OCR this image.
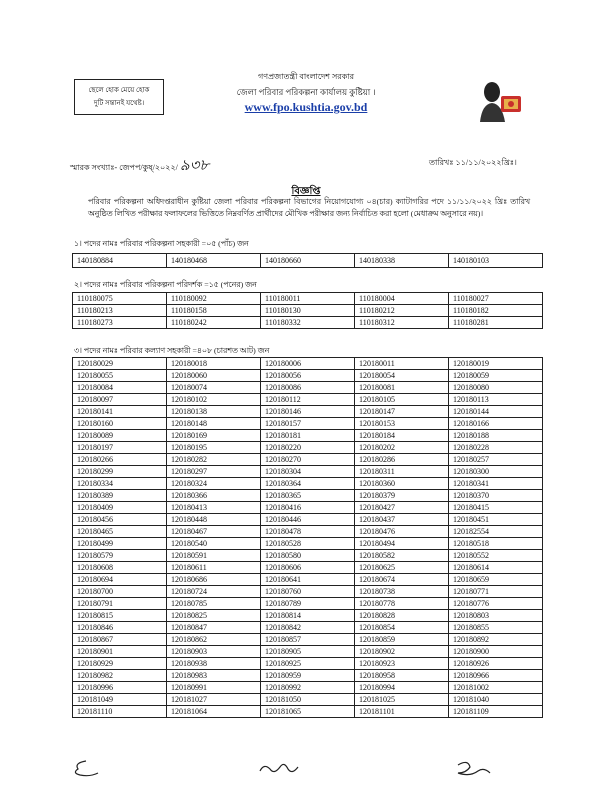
ছেলে হোক মেয়ে হোক
দুটি সন্তানই যথেষ্ট।
গণপ্রজাতন্ত্রী বাংলাদেশ সরকার
জেলা পরিবার পরিকল্পনা কার্যালয় কুষ্টিয়া ।
www.fpo.kushtia.gov.bd
স্মারক সংখ্যাঃ- জেপপ/কুষ্/২০২২/ ৯৩৮	তারিখঃ ১১/১১/২০২২খ্রিঃ।
বিজ্ঞপ্তি
পরিবার পরিকল্পনা অধিদপ্তরাধীন কুষ্টিয়া জেলা পরিবার পরিকল্পনা বিভাগের নিয়োগযোগ্য ০৪(চার) ক্যাটাগরির পদে ১১/১১/২০২২ খ্রিঃ তারিখ অনুষ্ঠিত লিখিত পরীক্ষার ফলাফলের ভিত্তিতে নিম্নবর্ণিত প্রার্থীদের মৌখিক পরীক্ষার জন্য নির্বাচিত করা হলো (মেধাক্রম অনুসারে নয়)।
১। পদের নামঃ পরিবার পরিকল্পনা সহকারী =০৫ (পাঁচ) জন
140180884	140180468	140180660	140180338	140180103
২। পদের নামঃ পরিবার পরিকল্পনা পরিদর্শক =১৫ (পনের) জন
110180075	110180092	110180011	110180004	110180027
110180213	110180158	110180130	110180212	110180182
110180273	110180242	110180332	110180312	110180281
৩। পদের নামঃ পরিবার কল্যাণ সহকারী =৪০৮ (চারশত আট) জন
120180029	120180018	120180006	120180011	120180019
120180055	120180060	120180056	120180054	120180059
120180084	120180074	120180086	120180081	120180080
120180097	120180102	120180112	120180105	120180113
120180141	120180138	120180146	120180147	120180144
120180160	120180148	120180157	120180153	120180166
120180089	120180169	120180181	120180184	120180188
120180197	120180195	120180220	120180202	120180228
120180266	120180282	120180270	120180286	120180257
120180299	120180297	120180304	120180311	120180300
120180334	120180324	120180364	120180360	120180341
120180389	120180366	120180365	120180379	120180370
120180409	120180413	120180416	120180427	120180415
120180456	120180448	120180446	120180437	120180451
120180465	120180467	120180478	120180476	120182554
120180499	120180540	120180528	120180494	120180518
120180579	120180591	120180580	120180582	120180552
120180608	120180611	120180606	120180625	120180614
120180694	120180686	120180641	120180674	120180659
120180700	120180724	120180760	120180738	120180771
120180791	120180785	120180789	120180778	120180776
120180815	120180825	120180814	120180828	120180803
120180846	120180847	120180842	120180854	120180855
120180867	120180862	120180857	120180859	120180892
120180901	120180903	120180905	120180902	120180900
120180929	120180938	120180925	120180923	120180926
120180982	120180983	120180959	120180958	120180966
120180996	120180991	120180992	120180994	120181002
120181049	120181027	120181050	120181025	120181040
120181110	120181064	120181065	120181101	120181109
